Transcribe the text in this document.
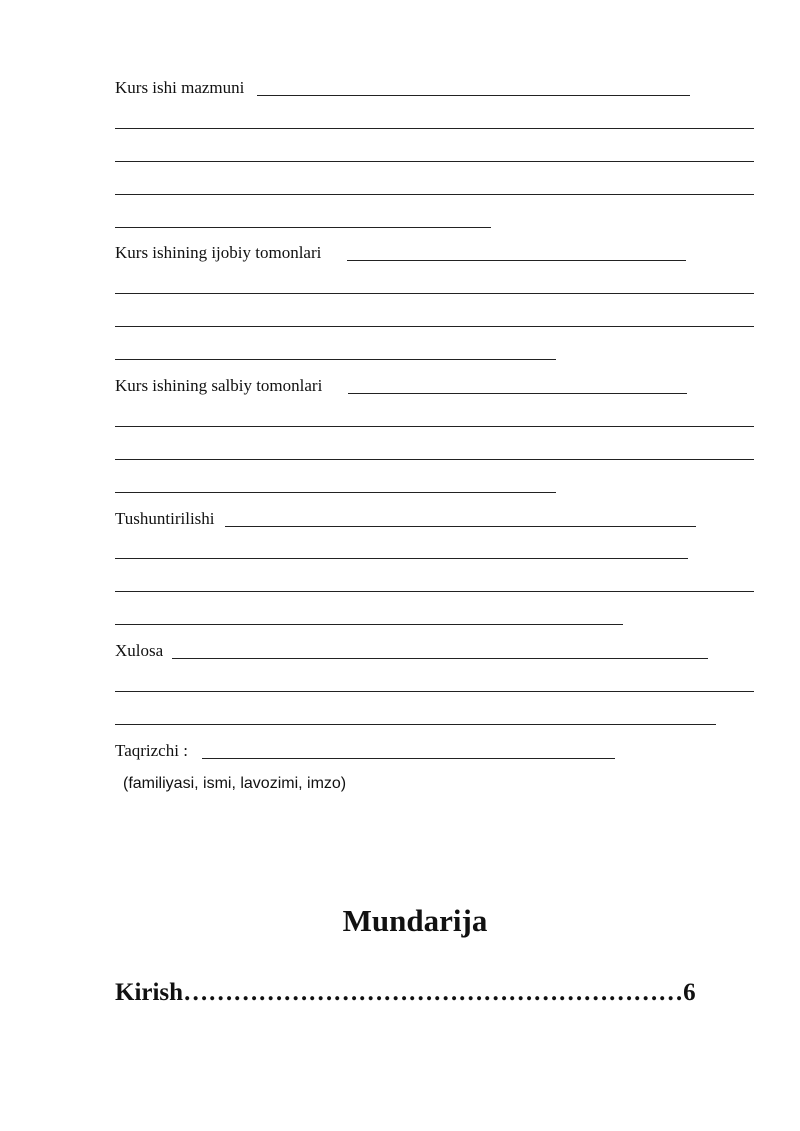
Kurs ishi mazmuni
Kurs ishining ijobiy tomonlari
Kurs ishining salbiy tomonlari
Tushuntirilishi
Xulosa
Taqrizchi :
(familiyasi, ismi, lavozimi, imzo)
Mundarija
Kirish……………………………………………………6
